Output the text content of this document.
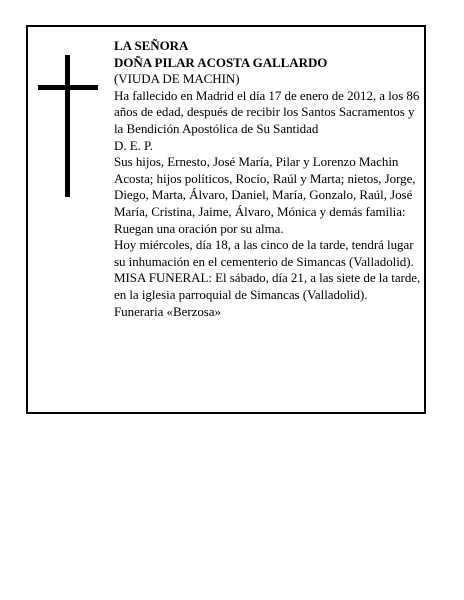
LA SEÑORA

DOÑA PILAR ACOSTA GALLARDO

(VIUDA DE MACHIN)

Ha fallecido en Madrid el día 17 de enero de 2012, a los 86 años de edad, después de recibir los Santos Sacramentos y la Bendición Apostólica de Su Santidad

D. E. P.

Sus hijos, Ernesto, José María, Pilar y Lorenzo Machin Acosta; hijos políticos, Rocío, Raúl y Marta; nietos, Jorge, Diego, Marta, Álvaro, Daniel, María, Gonzalo, Raúl, José María, Cristina, Jaime, Álvaro, Mónica y demás familia:

Ruegan una oración por su alma.

Hoy miércoles, día 18, a las cinco de la tarde, tendrá lugar su inhumación en el cementerio de Simancas (Valladolid).

MISA FUNERAL: El sábado, día 21, a las siete de la tarde, en la iglesia parroquial de Simancas (Valladolid).

Funeraria «Berzosa»
